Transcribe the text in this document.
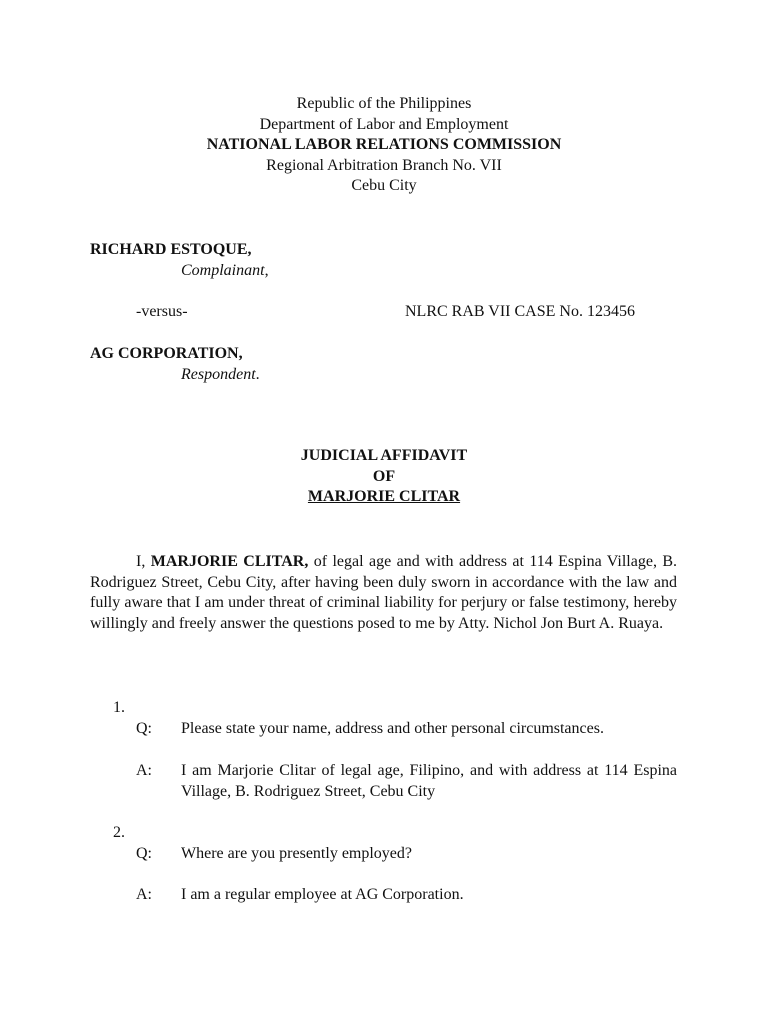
Republic of the Philippines
Department of Labor and Employment
NATIONAL LABOR RELATIONS COMMISSION
Regional Arbitration Branch No. VII
Cebu City
RICHARD ESTOQUE,
Complainant,
-versus-	NLRC RAB VII CASE No. 123456
AG CORPORATION,
Respondent.
JUDICIAL AFFIDAVIT
OF
MARJORIE CLITAR

I, MARJORIE CLITAR, of legal age and with address at 114 Espina Village, B. Rodriguez Street, Cebu City, after having been duly sworn in accordance with the law and fully aware that I am under threat of criminal liability for perjury or false testimony, hereby willingly and freely answer the questions posed to me by Atty. Nichol Jon Burt A. Ruaya.

1.
Q: Please state your name, address and other personal circumstances.
A: I am Marjorie Clitar of legal age, Filipino, and with address at 114 Espina Village, B. Rodriguez Street, Cebu City
2.
Q: Where are you presently employed?
A: I am a regular employee at AG Corporation.
